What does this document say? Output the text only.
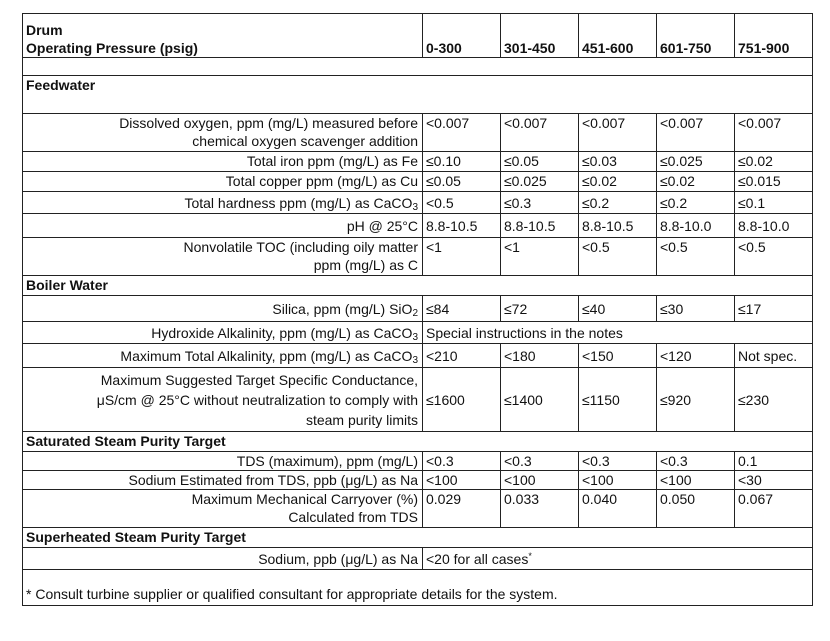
Drum
Operating Pressure (psig)	0-300	301-450	451-600	601-750	751-900

Feedwater					

Dissolved oxygen, ppm (mg/L) measured before
chemical oxygen scavenger addition	<0.007	<0.007	<0.007	<0.007	<0.007
Total iron ppm (mg/L) as Fe	≤0.10	≤0.05	≤0.03	≤0.025	≤0.02
Total copper ppm (mg/L) as Cu	≤0.05	≤0.025	≤0.02	≤0.02	≤0.015
Total hardness ppm (mg/L) as CaCO$_3$	<0.5	≤0.3	≤0.2	≤0.2	≤0.1
pH @ 25°C	8.8-10.5	8.8-10.5	8.8-10.5	8.8-10.0	8.8-10.0

Nonvolatile TOC (including oily matter
ppm (mg/L) as C	<1	<1	<0.5	<0.5	<0.5
Boiler Water					
Silica, ppm (mg/L) SiO$_2$	≤84	≤72	≤40	≤30	≤17
Hydroxide Alkalinity, ppm (mg/L) as CaCO$_3$	Special instructions in the notes				
Maximum Total Alkalinity, ppm (mg/L) as CaCO$_3$	<210	<180	<150	<120	Not spec.

Maximum Suggested Target Specific Conductance,
μS/cm @ 25°C without neutralization to comply with
steam purity limits	≤1600	≤1400	≤1150	≤920	≤230
Saturated Steam Purity Target					
TDS (maximum), ppm (mg/L)	<0.3	<0.3	<0.3	<0.3	0.1
Sodium Estimated from TDS, ppb (μg/L) as Na	<100	<100	<100	<100	<30

Maximum Mechanical Carryover (%)
Calculated from TDS	0.029	0.033	0.040	0.050	0.067
Superheated Steam Purity Target					
Sodium, ppb (μg/L) as Na	<20 for all cases*
* Consult turbine supplier or qualified consultant for appropriate details for the system.					
